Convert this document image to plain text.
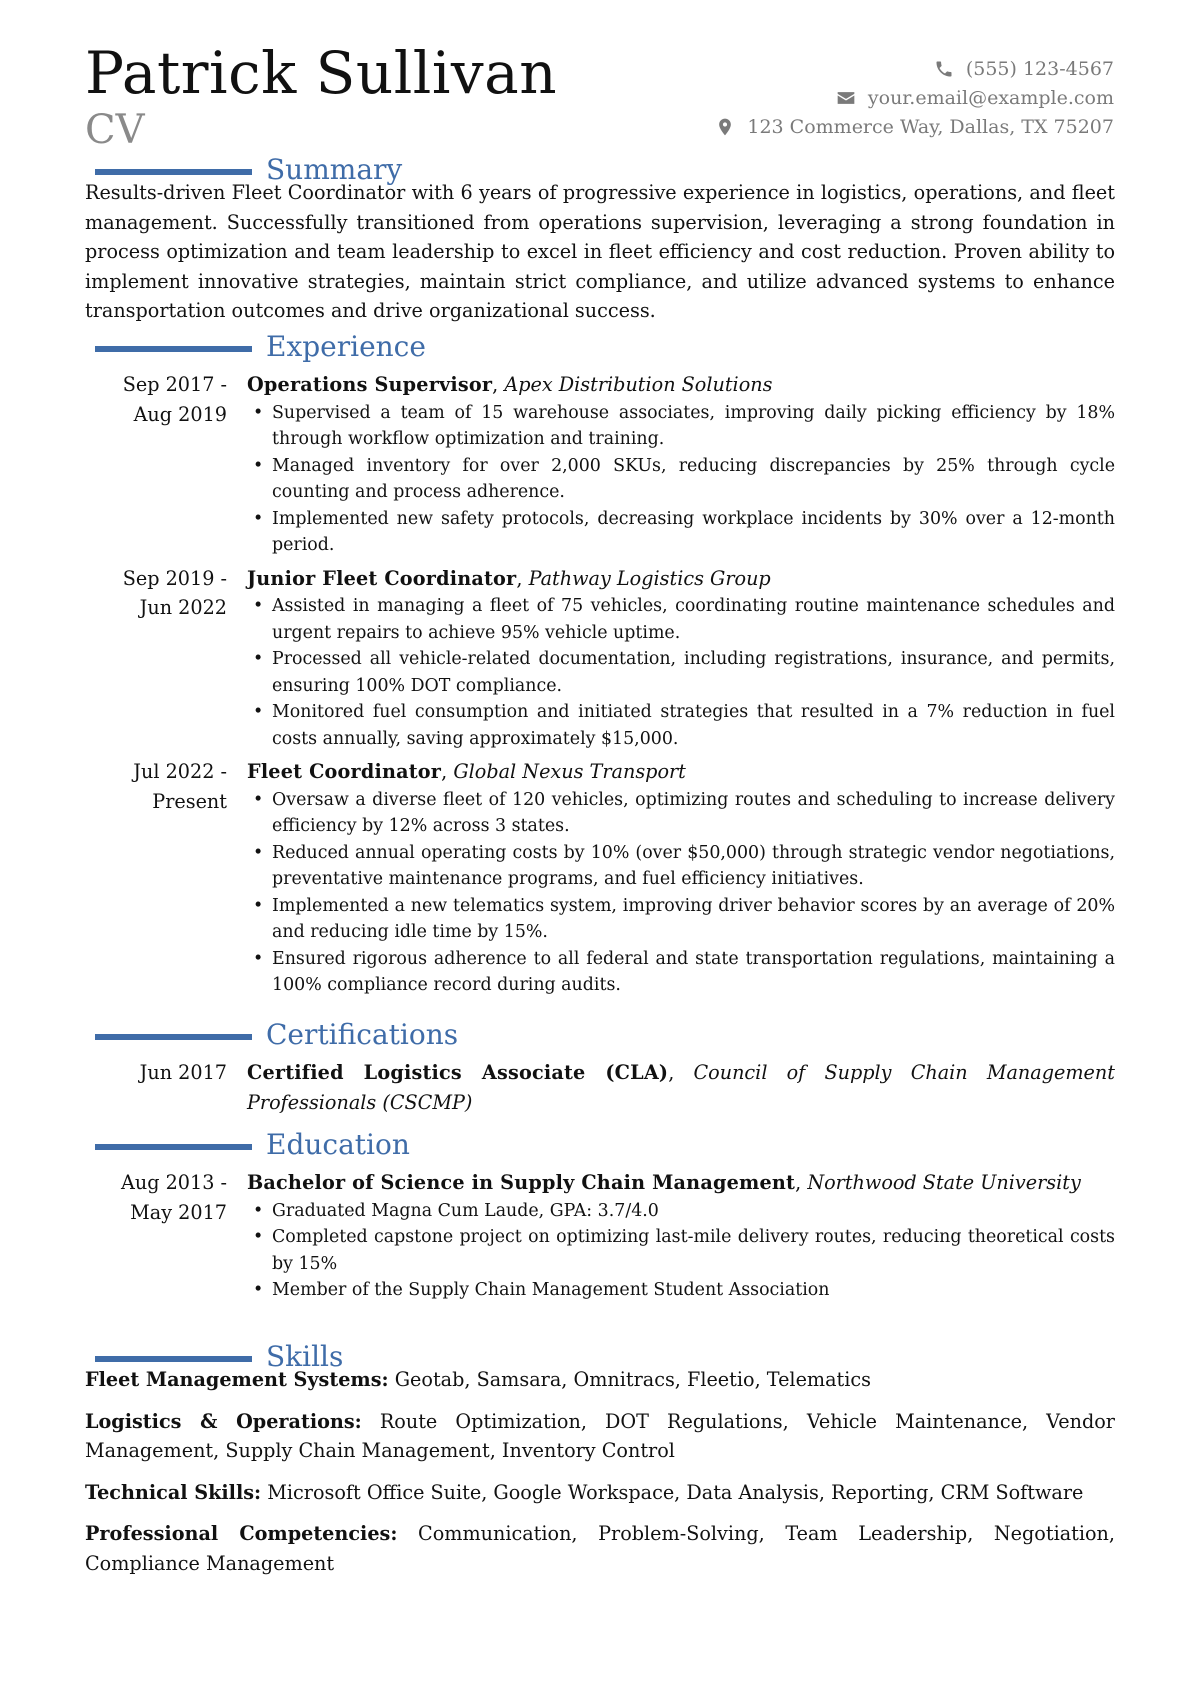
Patrick Sullivan
CV
(555) 123-4567
your.email@example.com
123 Commerce Way, Dallas, TX 75207
Summary

Results-driven Fleet Coordinator with 6 years of progressive experience in logistics, operations, and fleet management. Successfully transitioned from operations supervision, leveraging a strong foundation in process optimization and team leadership to excel in fleet efficiency and cost reduction. Proven ability to implement innovative strategies, maintain strict compliance, and utilize advanced systems to enhance transportation outcomes and drive organizational success.

Experience
Sep 2017 - Aug 2019
Operations Supervisor, Apex Distribution Solutions
• Supervised a team of 15 warehouse associates, improving daily picking efficiency by 18% through workflow optimization and training.
• Managed inventory for over 2,000 SKUs, reducing discrepancies by 25% through cycle counting and process adherence.
• Implemented new safety protocols, decreasing workplace incidents by 30% over a 12-month period.
Sep 2019 - Jun 2022
Junior Fleet Coordinator, Pathway Logistics Group
• Assisted in managing a fleet of 75 vehicles, coordinating routine maintenance schedules and urgent repairs to achieve 95% vehicle uptime.
• Processed all vehicle-related documentation, including registrations, insurance, and permits, ensuring 100% DOT compliance.
• Monitored fuel consumption and initiated strategies that resulted in a 7% reduction in fuel costs annually, saving approximately $15,000.
Jul 2022 - Present
Fleet Coordinator, Global Nexus Transport
• Oversaw a diverse fleet of 120 vehicles, optimizing routes and scheduling to increase delivery efficiency by 12% across 3 states.
• Reduced annual operating costs by 10% (over $50,000) through strategic vendor negotiations, preventative maintenance programs, and fuel efficiency initiatives.
• Implemented a new telematics system, improving driver behavior scores by an average of 20% and reducing idle time by 15%.
• Ensured rigorous adherence to all federal and state transportation regulations, maintaining a 100% compliance record during audits.
Certifications
Jun 2017	Certified Logistics Associate (CLA), Council of Supply Chain Management Professionals (CSCMP)
Education
Aug 2013 - May 2017
Bachelor of Science in Supply Chain Management, Northwood State University
• Graduated Magna Cum Laude, GPA: 3.7/4.0
• Completed capstone project on optimizing last-mile delivery routes, reducing theoretical costs by 15%
• Member of the Supply Chain Management Student Association
Skills

Fleet Management Systems: Geotab, Samsara, Omnitracs, Fleetio, Telematics

Logistics & Operations: Route Optimization, DOT Regulations, Vehicle Maintenance, Vendor Management, Supply Chain Management, Inventory Control

Technical Skills: Microsoft Office Suite, Google Workspace, Data Analysis, Reporting, CRM Software

Professional Competencies: Communication, Problem-Solving, Team Leadership, Negotiation, Compliance Management
